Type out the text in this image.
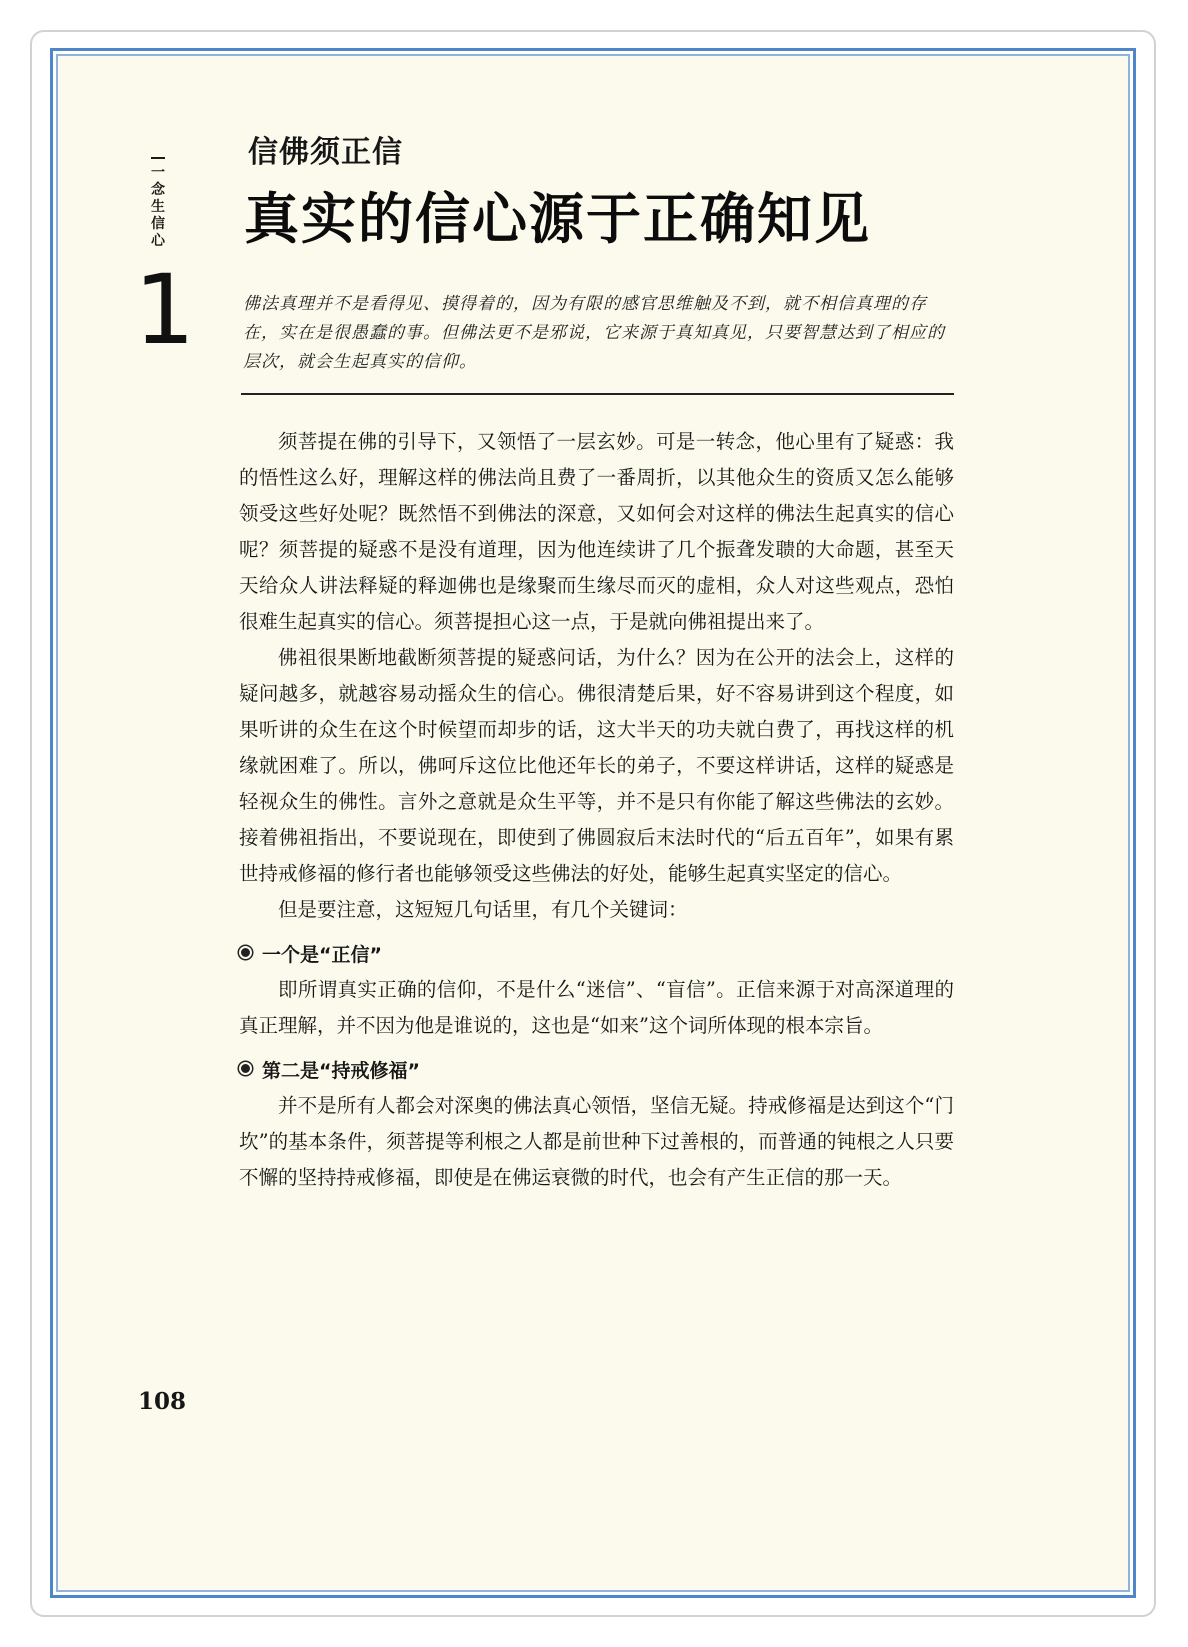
一
念
生
信
心
1
信佛须正信
真实的信心源于正确知见
佛法真理并不是看得见、摸得着的，因为有限的感官思维触及不到，就不相信真理的存在，实在是很愚蠢的事。但佛法更不是邪说，它来源于真知真见，只要智慧达到了相应的层次，就会生起真实的信仰。

须菩提在佛的引导下，又领悟了一层玄妙。可是一转念，他心里有了疑惑：我的悟性这么好，理解这样的佛法尚且费了一番周折，以其他众生的资质又怎么能够领受这些好处呢？既然悟不到佛法的深意，又如何会对这样的佛法生起真实的信心呢？须菩提的疑惑不是没有道理，因为他连续讲了几个振聋发聩的大命题，甚至天天给众人讲法释疑的释迦佛也是缘聚而生缘尽而灭的虚相，众人对这些观点，恐怕很难生起真实的信心。须菩提担心这一点，于是就向佛祖提出来了。

佛祖很果断地截断须菩提的疑惑问话，为什么？因为在公开的法会上，这样的疑问越多，就越容易动摇众生的信心。佛很清楚后果，好不容易讲到这个程度，如果听讲的众生在这个时候望而却步的话，这大半天的功夫就白费了，再找这样的机缘就困难了。所以，佛呵斥这位比他还年长的弟子，不要这样讲话，这样的疑惑是轻视众生的佛性。言外之意就是众生平等，并不是只有你能了解这些佛法的玄妙。接着佛祖指出，不要说现在，即使到了佛圆寂后末法时代的“后五百年”，如果有累世持戒修福的修行者也能够领受这些佛法的好处，能够生起真实坚定的信心。

但是要注意，这短短几句话里，有几个关键词：

一个是“正信”

即所谓真实正确的信仰，不是什么“迷信”、“盲信”。正信来源于对高深道理的真正理解，并不因为他是谁说的，这也是“如来”这个词所体现的根本宗旨。

第二是“持戒修福”

并不是所有人都会对深奥的佛法真心领悟，坚信无疑。持戒修福是达到这个“门坎”的基本条件，须菩提等利根之人都是前世种下过善根的，而普通的钝根之人只要不懈的坚持持戒修福，即使是在佛运衰微的时代，也会有产生正信的那一天。

108
